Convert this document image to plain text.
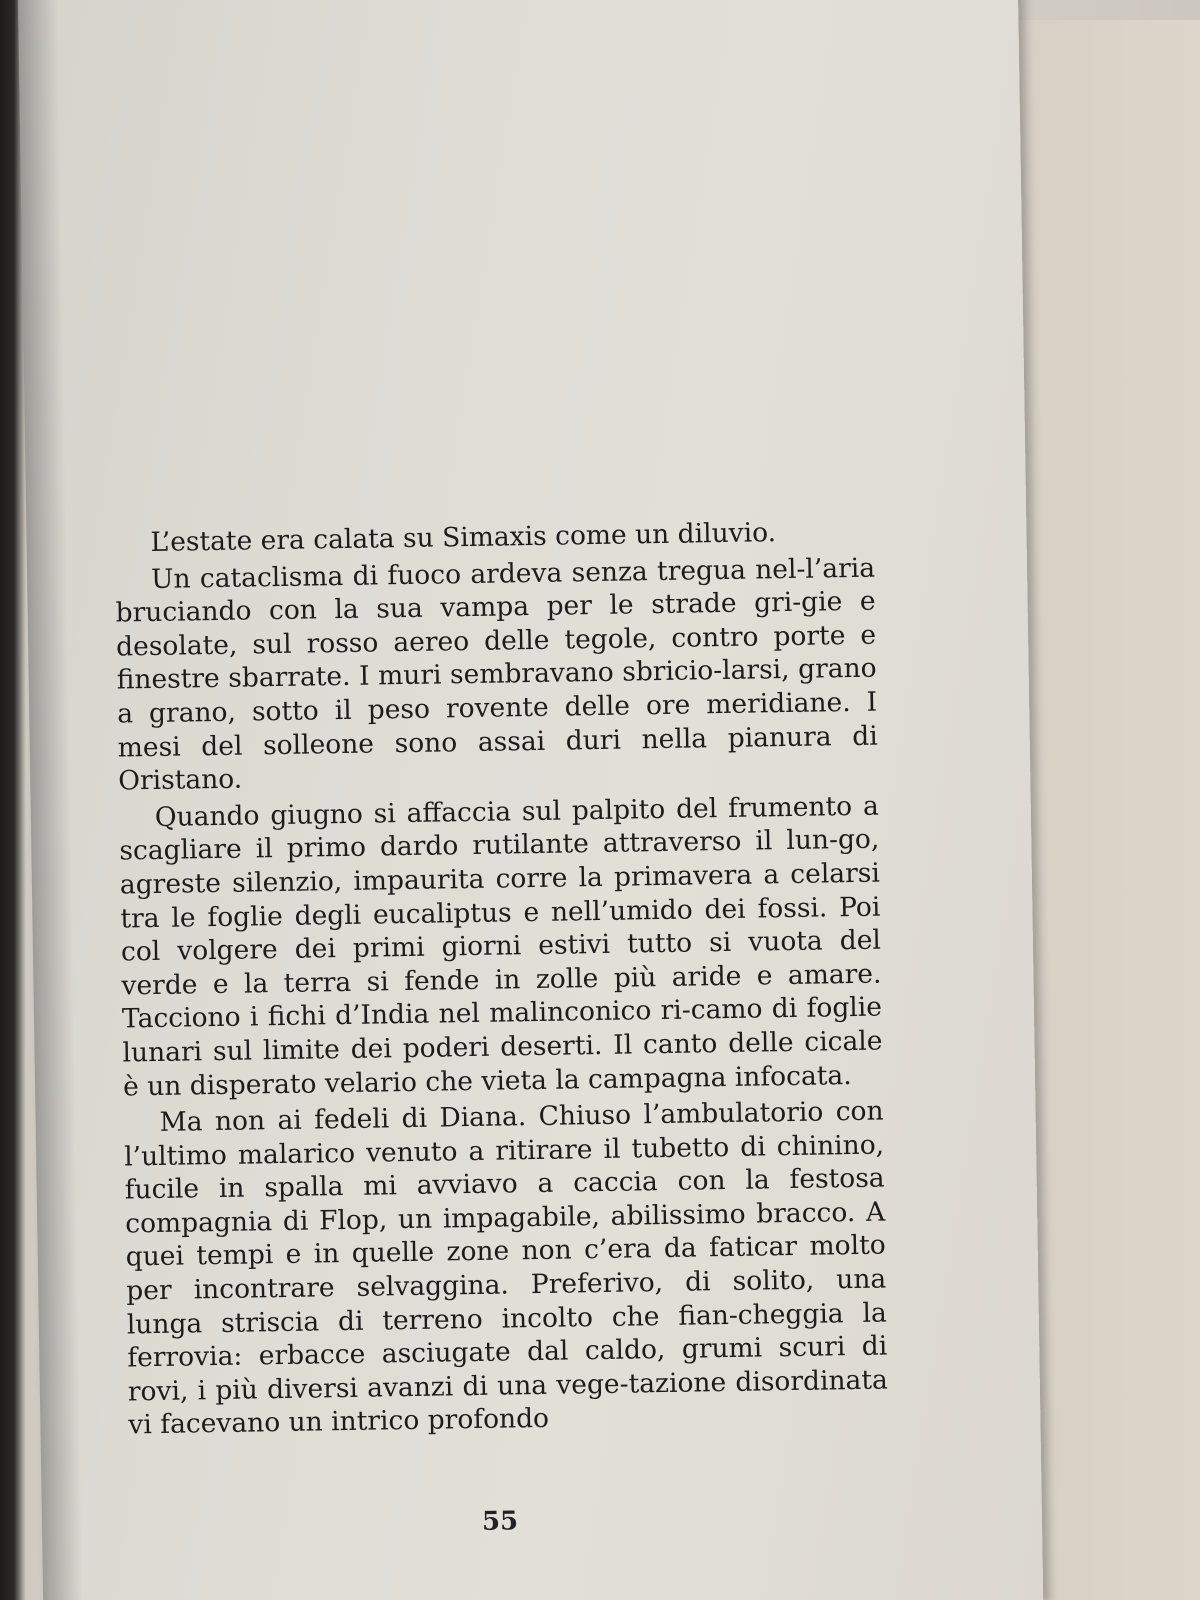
L’estate era calata su Simaxis come un diluvio.

Un cataclisma di fuoco ardeva senza tregua nel-l’aria bruciando con la sua vampa per le strade gri-gie e desolate, sul rosso aereo delle tegole, contro porte e finestre sbarrate. I muri sembravano sbricio-larsi, grano a grano, sotto il peso rovente delle ore meridiane. I mesi del solleone sono assai duri nella pianura di Oristano.

Quando giugno si affaccia sul palpito del frumento a scagliare il primo dardo rutilante attraverso il lun-go, agreste silenzio, impaurita corre la primavera a celarsi tra le foglie degli eucaliptus e nell’umido dei fossi. Poi col volgere dei primi giorni estivi tutto si vuota del verde e la terra si fende in zolle più aride e amare. Tacciono i fichi d’India nel malinconico ri-camo di foglie lunari sul limite dei poderi deserti. Il canto delle cicale è un disperato velario che vieta la campagna infocata.

Ma non ai fedeli di Diana. Chiuso l’ambulatorio con l’ultimo malarico venuto a ritirare il tubetto di chinino, fucile in spalla mi avviavo a caccia con la festosa compagnia di Flop, un impagabile, abilissimo bracco. A quei tempi e in quelle zone non c’era da faticar molto per incontrare selvaggina. Preferivo, di solito, una lunga striscia di terreno incolto che fian-cheggia la ferrovia: erbacce asciugate dal caldo, grumi scuri di rovi, i più diversi avanzi di una vege-tazione disordinata vi facevano un intrico profondo

55
